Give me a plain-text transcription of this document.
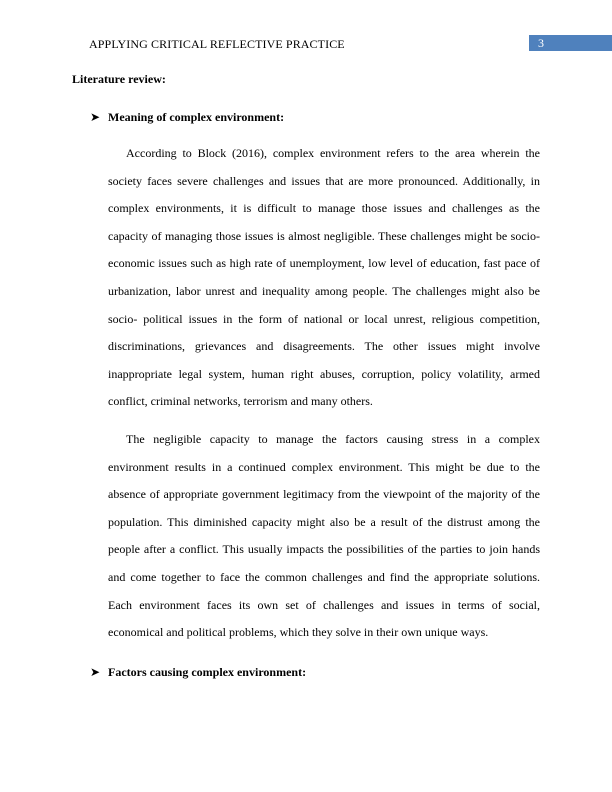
APPLYING CRITICAL REFLECTIVE PRACTICE	3
Literature review:
➤ Meaning of complex environment:

According to Block (2016), complex environment refers to the area wherein the society faces severe challenges and issues that are more pronounced. Additionally, in complex environments, it is difficult to manage those issues and challenges as the capacity of managing those issues is almost negligible. These challenges might be socio-economic issues such as high rate of unemployment, low level of education, fast pace of urbanization, labor unrest and inequality among people. The challenges might also be socio- political issues in the form of national or local unrest, religious competition, discriminations, grievances and disagreements. The other issues might involve inappropriate legal system, human right abuses, corruption, policy volatility, armed conflict, criminal networks, terrorism and many others.

The negligible capacity to manage the factors causing stress in a complex environment results in a continued complex environment. This might be due to the absence of appropriate government legitimacy from the viewpoint of the majority of the population. This diminished capacity might also be a result of the distrust among the people after a conflict. This usually impacts the possibilities of the parties to join hands and come together to face the common challenges and find the appropriate solutions. Each environment faces its own set of challenges and issues in terms of social, economical and political problems, which they solve in their own unique ways.

➤ Factors causing complex environment:
